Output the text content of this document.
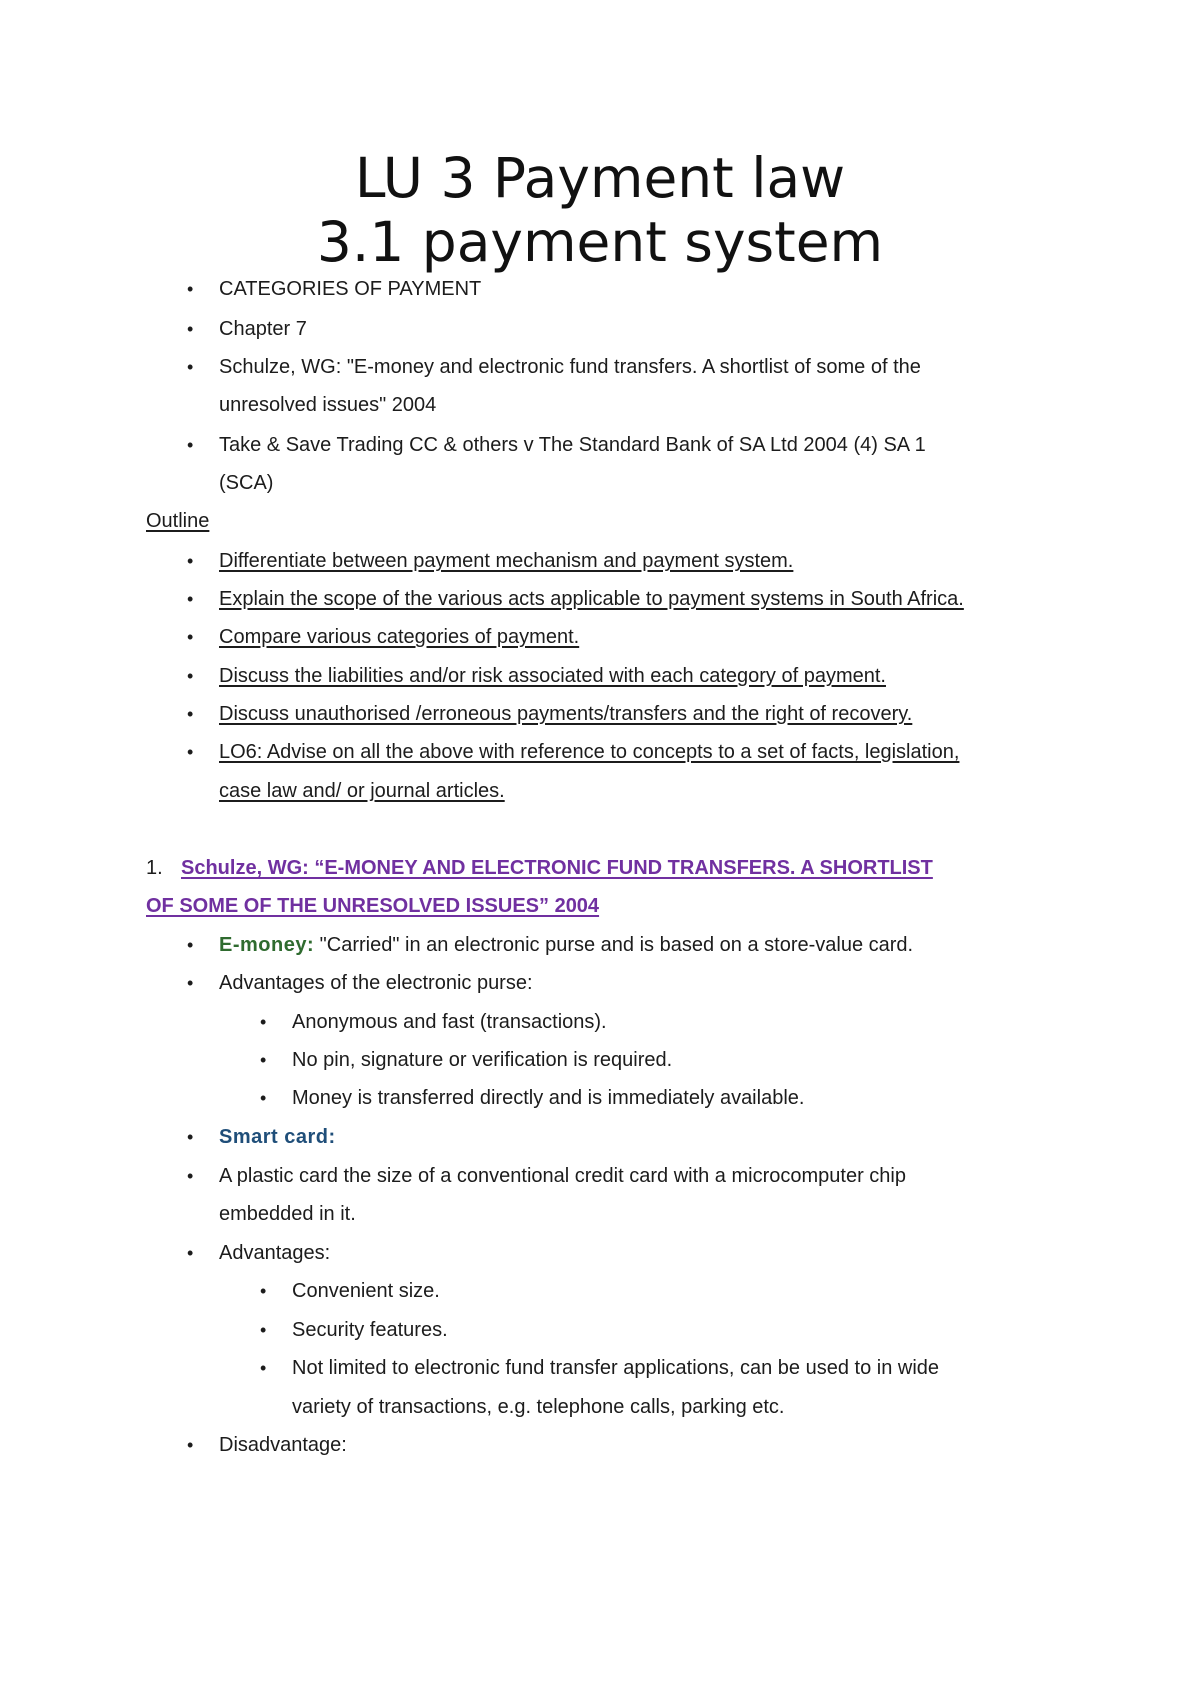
LU 3 Payment law
3.1 payment system
• CATEGORIES OF PAYMENT
• Chapter 7
• Schulze, WG: "E-money and electronic fund transfers. A shortlist of some of the
unresolved issues" 2004
• Take & Save Trading CC & others v The Standard Bank of SA Ltd 2004 (4) SA 1
(SCA)
Outline
• Differentiate between payment mechanism and payment system.
• Explain the scope of the various acts applicable to payment systems in South Africa.
• Compare various categories of payment.
• Discuss the liabilities and/or risk associated with each category of payment.
• Discuss unauthorised /erroneous payments/transfers and the right of recovery.
• LO6: Advise on all the above with reference to concepts to a set of facts, legislation,
case law and/ or journal articles.
1. Schulze, WG: “E-MONEY AND ELECTRONIC FUND TRANSFERS. A SHORTLIST
OF SOME OF THE UNRESOLVED ISSUES” 2004
• E-money: "Carried" in an electronic purse and is based on a store-value card.
• Advantages of the electronic purse:
• Anonymous and fast (transactions).
• No pin, signature or verification is required.
• Money is transferred directly and is immediately available.
• Smart card:
• A plastic card the size of a conventional credit card with a microcomputer chip
embedded in it.
• Advantages:
• Convenient size.
• Security features.
• Not limited to electronic fund transfer applications, can be used to in wide
variety of transactions, e.g. telephone calls, parking etc.
• Disadvantage:
